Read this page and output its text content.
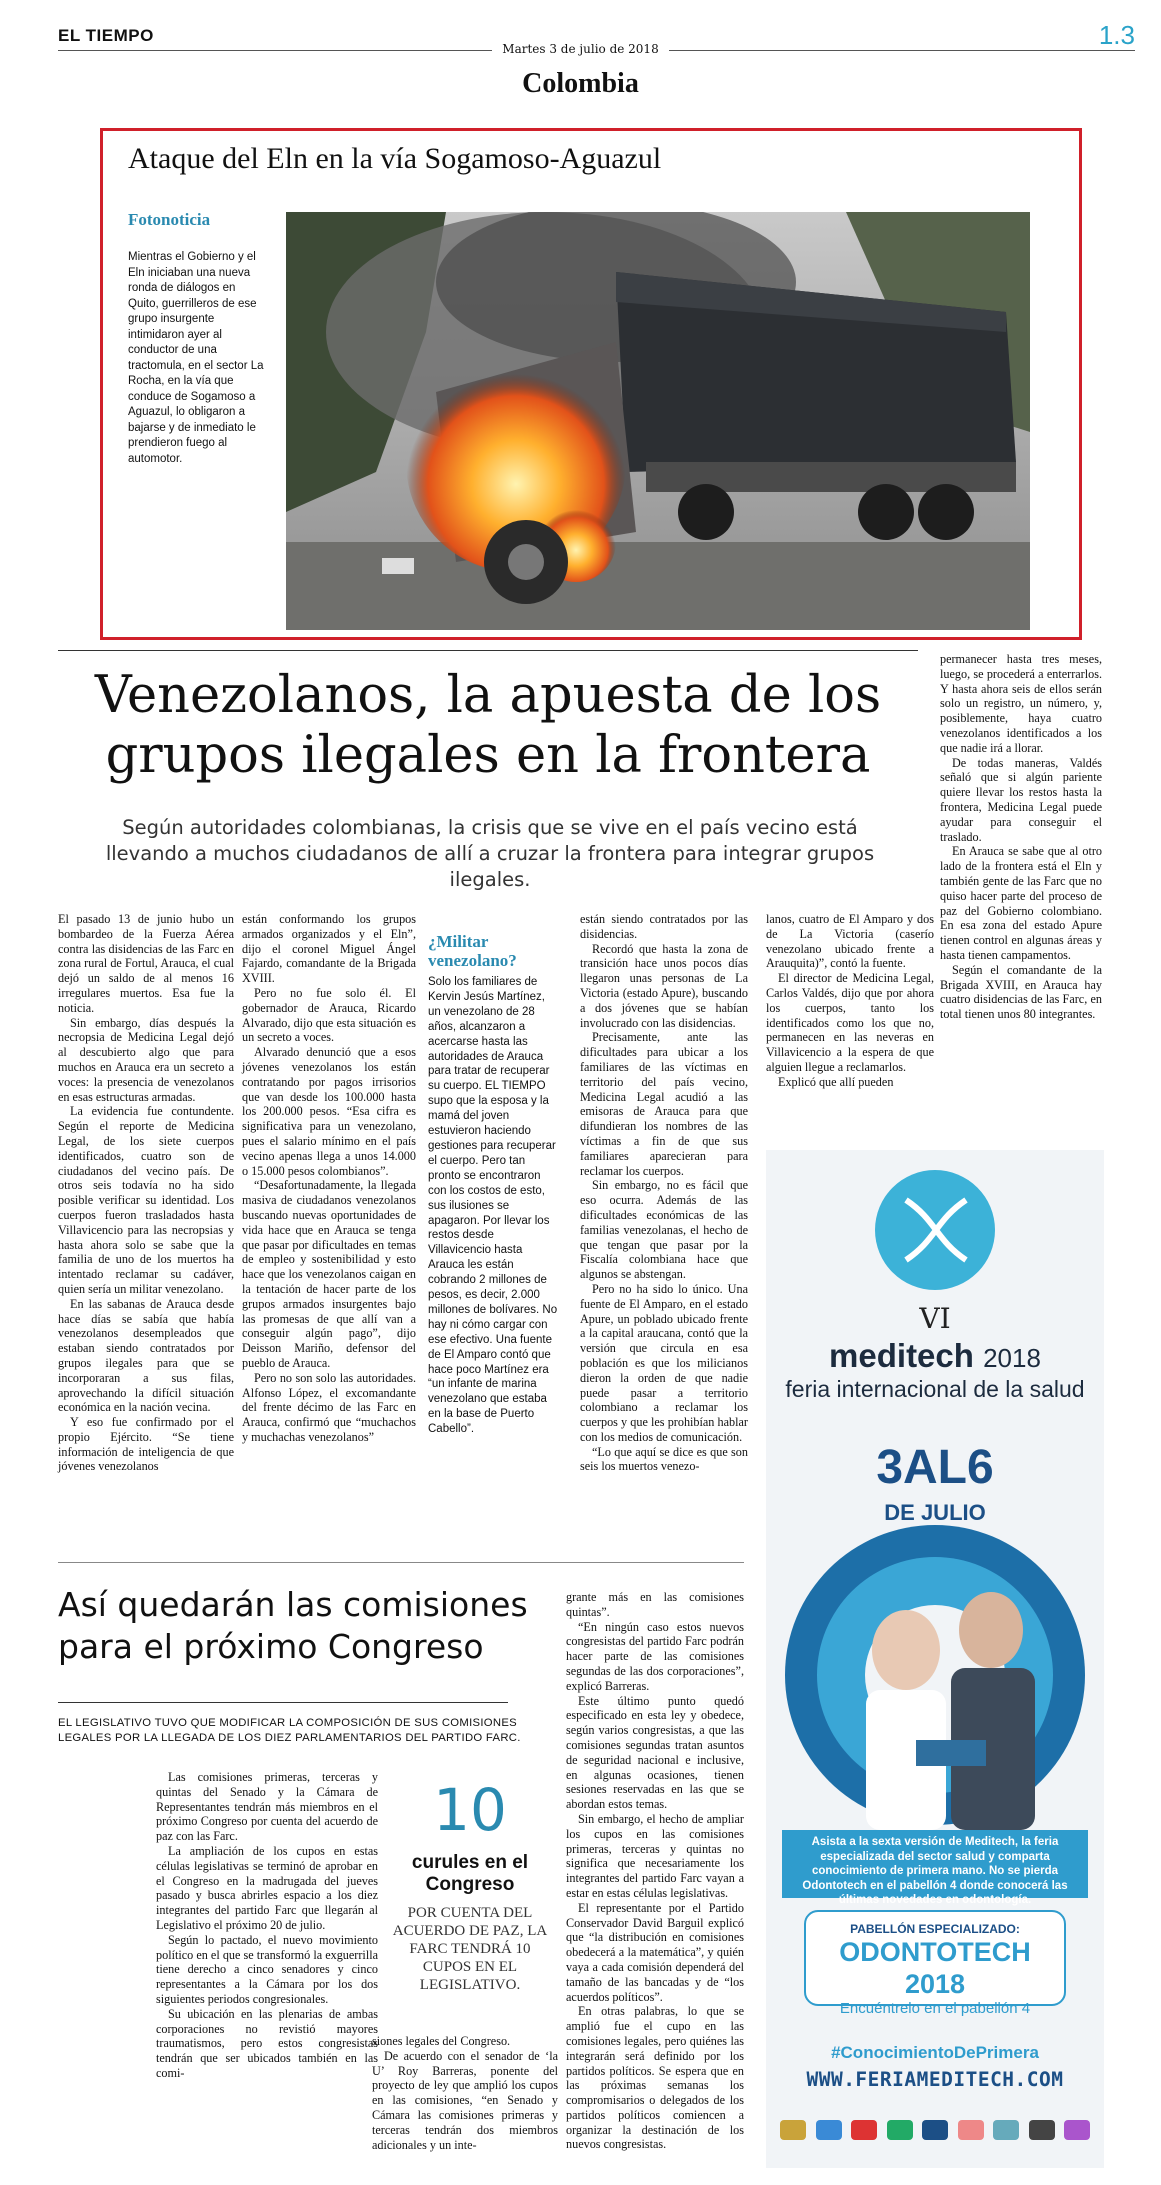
EL TIEMPO
Martes 3 de julio de 2018	1.3
Colombia
Ataque del Eln en la vía Sogamoso-Aguazul
Fotonoticia
Mientras el Gobierno y el Eln iniciaban una nueva ronda de diálogos en Quito, guerrilleros de ese grupo insurgente intimidaron ayer al conductor de una tractomula, en el sector La Rocha, en la vía que conduce de Sogamoso a Aguazul, lo obligaron a bajarse y de inmediato le prendieron fuego al automotor.
Venezolanos, la apuesta de los grupos ilegales en la frontera
Según autoridades colombianas, la crisis que se vive en el país vecino está llevando a muchos ciudadanos de allí a cruzar la frontera para integrar grupos ilegales.

El pasado 13 de junio hubo un bombardeo de la Fuerza Aérea contra las disidencias de las Farc en zona rural de Fortul, Arauca, el cual dejó un saldo de al menos 16 irregulares muertos. Esa fue la noticia.

Sin embargo, días después la necropsia de Medicina Legal dejó al descubierto algo que para muchos en Arauca era un secreto a voces: la presencia de venezolanos en esas estructuras armadas.

La evidencia fue contundente. Según el reporte de Medicina Legal, de los siete cuerpos identificados, cuatro son de ciudadanos del vecino país. De otros seis todavía no ha sido posible verificar su identidad. Los cuerpos fueron trasladados hasta Villavicencio para las necropsias y hasta ahora solo se sabe que la familia de uno de los muertos ha intentado reclamar su cadáver, quien sería un militar venezolano.

En las sabanas de Arauca desde hace días se sabía que había venezolanos desempleados que estaban siendo contratados por grupos ilegales para que se incorporaran a sus filas, aprovechando la difícil situación económica en la nación vecina.

Y eso fue confirmado por el propio Ejército. “Se tiene información de inteligencia de que jóvenes venezolanos

están conformando los grupos armados organizados y el Eln”, dijo el coronel Miguel Ángel Fajardo, comandante de la Brigada XVIII.

Pero no fue solo él. El gobernador de Arauca, Ricardo Alvarado, dijo que esta situación es un secreto a voces.

Alvarado denunció que a esos jóvenes venezolanos los están contratando por pagos irrisorios que van desde los 100.000 hasta los 200.000 pesos. “Esa cifra es significativa para un venezolano, pues el salario mínimo en el país vecino apenas llega a unos 14.000 o 15.000 pesos colombianos”.

“Desafortunadamente, la llegada masiva de ciudadanos venezolanos buscando nuevas oportunidades de vida hace que en Arauca se tenga que pasar por dificultades en temas de empleo y sostenibilidad y esto hace que los venezolanos caigan en la tentación de hacer parte de los grupos armados insurgentes bajo las promesas de que allí van a conseguir algún pago”, dijo Deisson Mariño, defensor del pueblo de Arauca.

Pero no son solo las autoridades. Alfonso López, el excomandante del frente décimo de las Farc en Arauca, confirmó que “muchachos y muchachas venezolanos”

¿Militar venezolano?
Solo los familiares de Kervin Jesús Martínez, un venezolano de 28 años, alcanzaron a acercarse hasta las autoridades de Arauca para tratar de recuperar su cuerpo. EL TIEMPO supo que la esposa y la mamá del joven estuvieron haciendo gestiones para recuperar el cuerpo. Pero tan pronto se encontraron con los costos de esto, sus ilusiones se apagaron. Por llevar los restos desde Villavicencio hasta Arauca les están cobrando 2 millones de pesos, es decir, 2.000 millones de bolívares. No hay ni cómo cargar con ese efectivo. Una fuente de El Amparo contó que hace poco Martínez era “un infante de marina venezolano que estaba en la base de Puerto Cabello”.

están siendo contratados por las disidencias.

Recordó que hasta la zona de transición hace unos pocos días llegaron unas personas de La Victoria (estado Apure), buscando a dos jóvenes que se habían involucrado con las disidencias.

Precisamente, ante las dificultades para ubicar a los familiares de las víctimas en territorio del país vecino, Medicina Legal acudió a las emisoras de Arauca para que difundieran los nombres de las víctimas a fin de que sus familiares aparecieran para reclamar los cuerpos.

Sin embargo, no es fácil que eso ocurra. Además de las dificultades económicas de las familias venezolanas, el hecho de que tengan que pasar por la Fiscalía colombiana hace que algunos se abstengan.

Pero no ha sido lo único. Una fuente de El Amparo, en el estado Apure, un poblado ubicado frente a la capital araucana, contó que la versión que circula en esa población es que los milicianos dieron la orden de que nadie puede pasar a territorio colombiano a reclamar los cuerpos y que les prohibían hablar con los medios de comunicación.

“Lo que aquí se dice es que son seis los muertos venezo-

lanos, cuatro de El Amparo y dos de La Victoria (caserío venezolano ubicado frente a Arauquita)”, contó la fuente.

El director de Medicina Legal, Carlos Valdés, dijo que por ahora los cuerpos, tanto los identificados como los que no, permanecen en las neveras en Villavicencio a la espera de que alguien llegue a reclamarlos.

Explicó que allí pueden

permanecer hasta tres meses, luego, se procederá a enterrarlos. Y hasta ahora seis de ellos serán solo un registro, un número, y, posiblemente, haya cuatro venezolanos identificados a los que nadie irá a llorar.

De todas maneras, Valdés señaló que si algún pariente quiere llevar los restos hasta la frontera, Medicina Legal puede ayudar para conseguir el traslado.

En Arauca se sabe que al otro lado de la frontera está el Eln y también gente de las Farc que no quiso hacer parte del proceso de paz del Gobierno colombiano. En esa zona del estado Apure tienen control en algunas áreas y hasta tienen campamentos.

Según el comandante de la Brigada XVIII, en Arauca hay cuatro disidencias de las Farc, en total tienen unos 80 integrantes.

Así quedarán las comisiones para el próximo Congreso
EL LEGISLATIVO TUVO QUE MODIFICAR LA COMPOSICIÓN DE SUS COMISIONES LEGALES POR LA LLEGADA DE LOS DIEZ PARLAMENTARIOS DEL PARTIDO FARC.

Las comisiones primeras, terceras y quintas del Senado y la Cámara de Representantes tendrán más miembros en el próximo Congreso por cuenta del acuerdo de paz con las Farc.

La ampliación de los cupos en estas células legislativas se terminó de aprobar en el Congreso en la madrugada del jueves pasado y busca abrirles espacio a los diez integrantes del partido Farc que llegarán al Legislativo el próximo 20 de julio.

Según lo pactado, el nuevo movimiento político en el que se transformó la exguerrilla tiene derecho a cinco senadores y cinco representantes a la Cámara por los dos siguientes periodos congresionales.

Su ubicación en las plenarias de ambas corporaciones no revistió mayores traumatismos, pero estos congresistas tendrán que ser ubicados también en las comi-

10
curules en el Congreso
POR CUENTA DEL ACUERDO DE PAZ, LA FARC TENDRÁ 10 CUPOS EN EL LEGISLATIVO.

siones legales del Congreso.

De acuerdo con el senador de ‘la U’ Roy Barreras, ponente del proyecto de ley que amplió los cupos en las comisiones, “en Senado y Cámara las comisiones primeras y terceras tendrán dos miembros adicionales y un inte-

grante más en las comisiones quintas”.

“En ningún caso estos nuevos congresistas del partido Farc podrán hacer parte de las comisiones segundas de las dos corporaciones”, explicó Barreras.

Este último punto quedó especificado en esta ley y obedece, según varios congresistas, a que las comisiones segundas tratan asuntos de seguridad nacional e inclusive, en algunas ocasiones, tienen sesiones reservadas en las que se abordan estos temas.

Sin embargo, el hecho de ampliar los cupos en las comisiones primeras, terceras y quintas no significa que necesariamente los integrantes del partido Farc vayan a estar en estas células legislativas.

El representante por el Partido Conservador David Barguil explicó que “la distribución en comisiones obedecerá a la matemática”, y quién vaya a cada comisión dependerá del tamaño de las bancadas y de “los acuerdos políticos”.

En otras palabras, lo que se amplió fue el cupo en las comisiones legales, pero quiénes las integrarán será definido por los partidos políticos. Se espera que en las próximas semanas los compromisarios o delegados de los partidos políticos comiencen a organizar la destinación de los nuevos congresistas.

VI
meditech 2018
feria internacional de la salud
3AL6
DE JULIO
Asista a la sexta versión de Meditech, la feria especializada del sector salud y comparta conocimiento de primera mano. No se pierda Odontotech en el pabellón 4 donde conocerá las últimas novedades en odontología.
PABELLÓN ESPECIALIZADO:
ODONTOTECH 2018
Encuéntrelo en el pabellón 4
#ConocimientoDePrimera
WWW.FERIAMEDITECH.COM
